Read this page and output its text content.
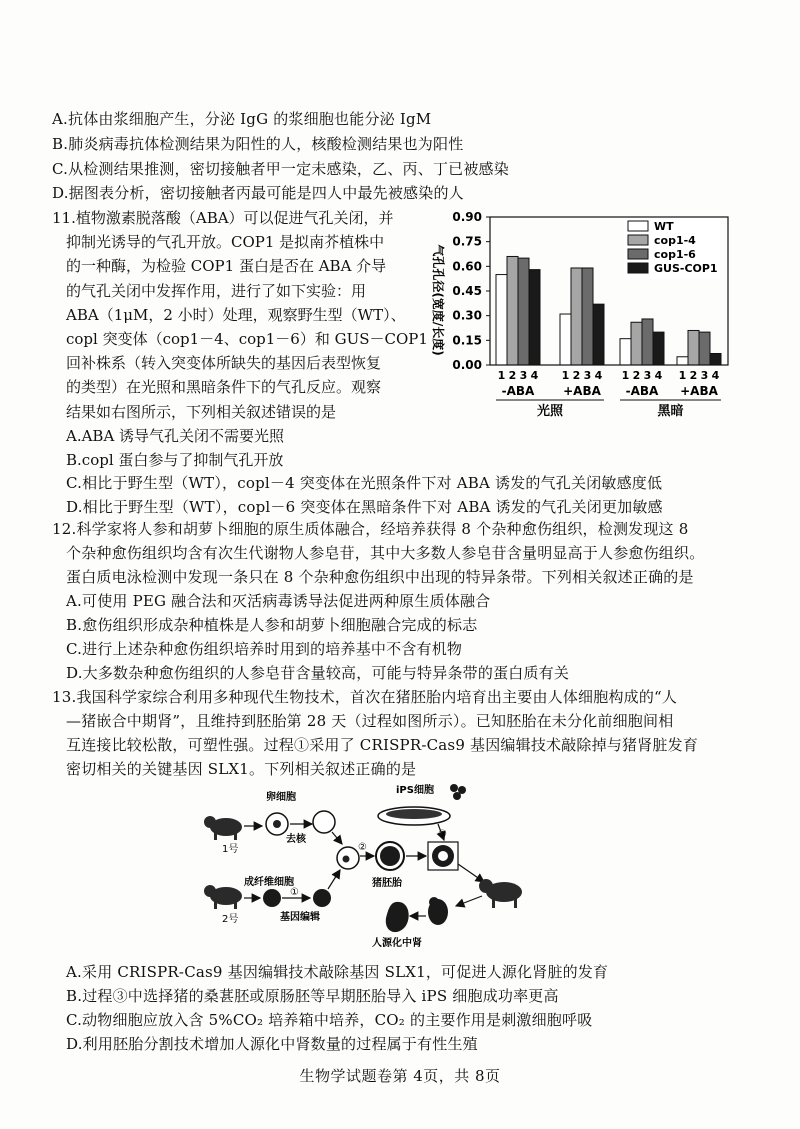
A.抗体由浆细胞产生，分泌 IgG 的浆细胞也能分泌 IgM
B.肺炎病毒抗体检测结果为阳性的人，核酸检测结果也为阳性
C.从检测结果推测，密切接触者甲一定未感染，乙、丙、丁已被感染
D.据图表分析，密切接触者丙最可能是四人中最先被感染的人
11.植物激素脱落酸（ABA）可以促进气孔关闭，并
抑制光诱导的气孔开放。COP1 是拟南芥植株中
的一种酶，为检验 COP1 蛋白是否在 ABA 介导
的气孔关闭中发挥作用，进行了如下实验：用
ABA（1μM，2 小时）处理，观察野生型（WT）、
copl 突变体（cop1－4、cop1－6）和 GUS－COP1
回补株系（转入突变体所缺失的基因后表型恢复
的类型）在光照和黑暗条件下的气孔反应。观察
结果如右图所示，下列相关叙述错误的是
A.ABA 诱导气孔关闭不需要光照
B.copl 蛋白参与了抑制气孔开放
C.相比于野生型（WT），copl－4 突变体在光照条件下对 ABA 诱发的气孔关闭敏感度低
D.相比于野生型（WT），copl－6 突变体在黑暗条件下对 ABA 诱发的气孔关闭更加敏感
气孔孔径(宽度/长度)
0.00
0.15
0.30
0.45
0.60
0.75
0.90
1 2 3 4
-ABA
1 2 3 4
+ABA
1 2 3 4
-ABA
1 2 3 4
+ABA
光照	黑暗
WT
cop1-4
cop1-6
GUS-COP1
12.科学家将人参和胡萝卜细胞的原生质体融合，经培养获得 8 个杂种愈伤组织，检测发现这 8
个杂种愈伤组织均含有次生代谢物人参皂苷，其中大多数人参皂苷含量明显高于人参愈伤组织。
蛋白质电泳检测中发现一条只在 8 个杂种愈伤组织中出现的特异条带。下列相关叙述正确的是
A.可使用 PEG 融合法和灭活病毒诱导法促进两种原生质体融合
B.愈伤组织形成杂种植株是人参和胡萝卜细胞融合完成的标志
C.进行上述杂种愈伤组织培养时用到的培养基中不含有机物
D.大多数杂种愈伤组织的人参皂苷含量较高，可能与特异条带的蛋白质有关
13.我国科学家综合利用多种现代生物技术，首次在猪胚胎内培育出主要由人体细胞构成的“人
—猪嵌合中期肾”，且维持到胚胎第 28 天（过程如图所示）。已知胚胎在未分化前细胞间相
互连接比较松散，可塑性强。过程①采用了 CRISPR-Cas9 基因编辑技术敲除掉与猪肾脏发育
密切相关的关键基因 SLX1。下列相关叙述正确的是
1号
卵细胞
去核
成纤维细胞
2号
①
基因编辑
②
猪胚胎
iPS细胞
③
人源化中肾
A.采用 CRISPR-Cas9 基因编辑技术敲除基因 SLX1，可促进人源化肾脏的发育
B.过程③中选择猪的桑葚胚或原肠胚等早期胚胎导入 iPS 细胞成功率更高
C.动物细胞应放入含 5%CO₂ 培养箱中培养，CO₂ 的主要作用是刺激细胞呼吸
D.利用胚胎分割技术增加人源化中肾数量的过程属于有性生殖
生物学试题卷第 4页，共 8页
